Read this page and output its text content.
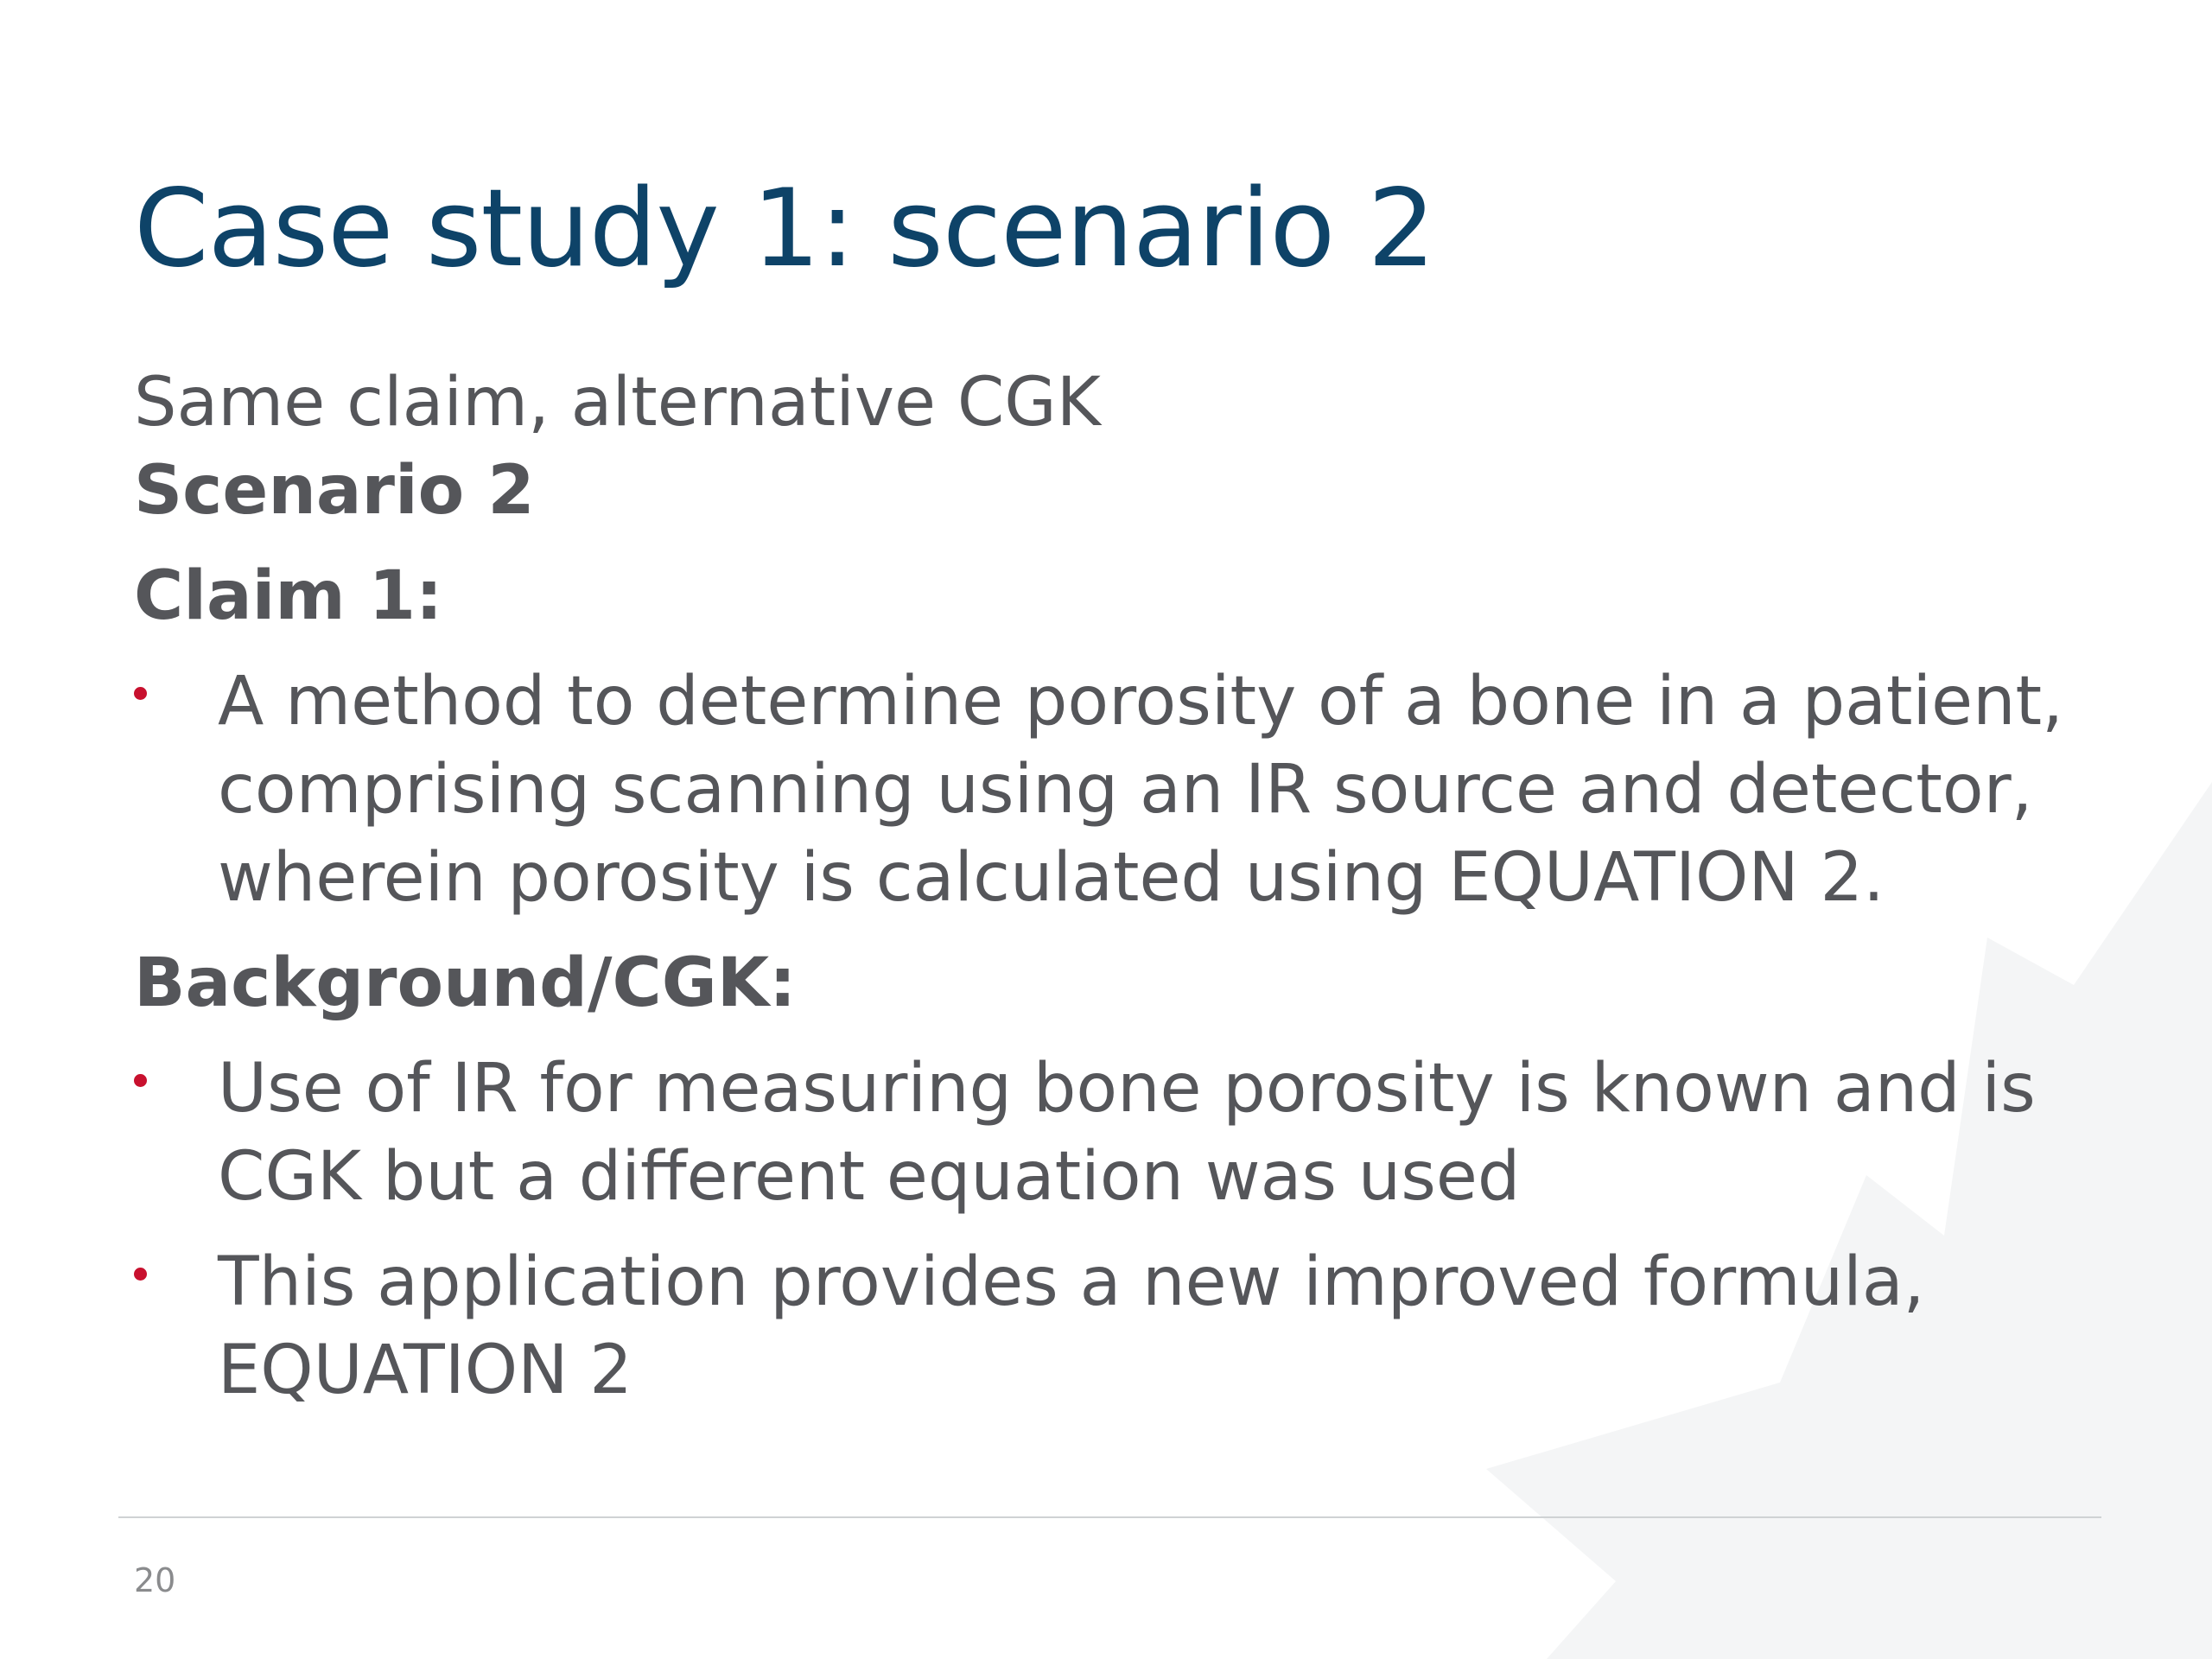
Case study 1: scenario 2

Same claim, alternative CGK

Scenario 2

Claim 1:

A method to determine porosity of a bone in a patient, comprising scanning using an IR source and detector, wherein porosity is calculated using EQUATION 2.

Background/CGK:

Use of IR for measuring bone porosity is known and is CGK but a different equation was used
This application provides a new improved formula, EQUATION 2
20
